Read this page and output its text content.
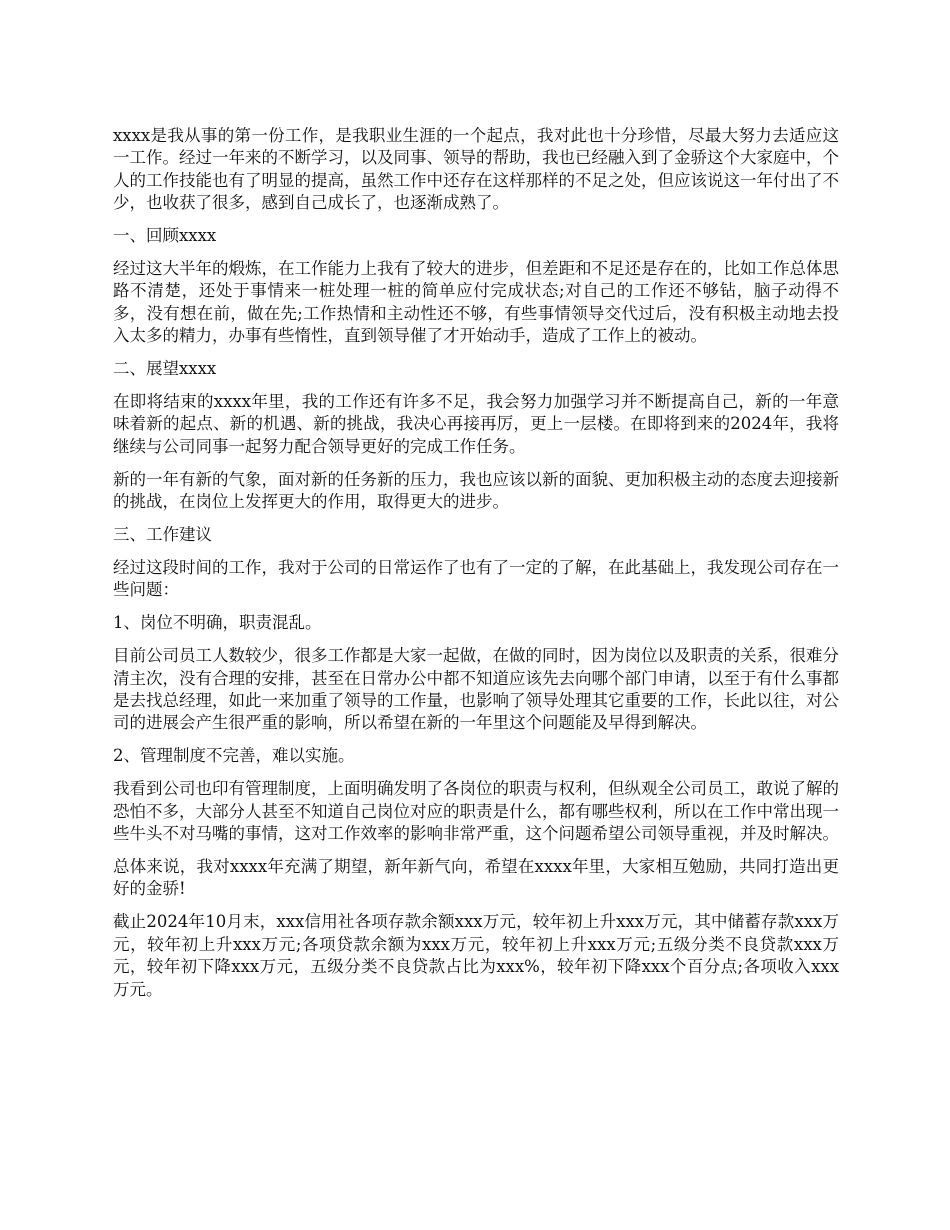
xxxx是我从事的第一份工作，是我职业生涯的一个起点，我对此也十分珍惜，尽最大努力去适应这一工作。经过一年来的不断学习，以及同事、领导的帮助，我也已经融入到了金骄这个大家庭中，个人的工作技能也有了明显的提高，虽然工作中还存在这样那样的不足之处，但应该说这一年付出了不少，也收获了很多，感到自己成长了，也逐渐成熟了。

一、回顾xxxx

经过这大半年的煅炼，在工作能力上我有了较大的进步，但差距和不足还是存在的，比如工作总体思路不清楚，还处于事情来一桩处理一桩的简单应付完成状态;对自己的工作还不够钻，脑子动得不多，没有想在前，做在先;工作热情和主动性还不够，有些事情领导交代过后，没有积极主动地去投入太多的精力，办事有些惰性，直到领导催了才开始动手，造成了工作上的被动。

二、展望xxxx

在即将结束的xxxx年里，我的工作还有许多不足，我会努力加强学习并不断提高自己，新的一年意味着新的起点、新的机遇、新的挑战，我决心再接再厉，更上一层楼。在即将到来的2024年，我将继续与公司同事一起努力配合领导更好的完成工作任务。

新的一年有新的气象，面对新的任务新的压力，我也应该以新的面貌、更加积极主动的态度去迎接新的挑战，在岗位上发挥更大的作用，取得更大的进步。

三、工作建议

经过这段时间的工作，我对于公司的日常运作了也有了一定的了解，在此基础上，我发现公司存在一些问题：

1、岗位不明确，职责混乱。

目前公司员工人数较少，很多工作都是大家一起做，在做的同时，因为岗位以及职责的关系，很难分清主次，没有合理的安排，甚至在日常办公中都不知道应该先去向哪个部门申请，以至于有什么事都是去找总经理，如此一来加重了领导的工作量，也影响了领导处理其它重要的工作，长此以往，对公司的进展会产生很严重的影响，所以希望在新的一年里这个问题能及早得到解决。

2、管理制度不完善，难以实施。

我看到公司也印有管理制度，上面明确发明了各岗位的职责与权利，但纵观全公司员工，敢说了解的恐怕不多，大部分人甚至不知道自己岗位对应的职责是什么，都有哪些权利，所以在工作中常出现一些牛头不对马嘴的事情，这对工作效率的影响非常严重，这个问题希望公司领导重视，并及时解决。

总体来说，我对xxxx年充满了期望，新年新气向，希望在xxxx年里，大家相互勉励，共同打造出更好的金骄!

截止2024年10月末，xxx信用社各项存款余额xxx万元，较年初上升xxx万元，其中储蓄存款xxx万元，较年初上升xxx万元;各项贷款余额为xxx万元，较年初上升xxx万元;五级分类不良贷款xxx万元，较年初下降xxx万元，五级分类不良贷款占比为xxx%，较年初下降xxx个百分点;各项收入xxx万元。
